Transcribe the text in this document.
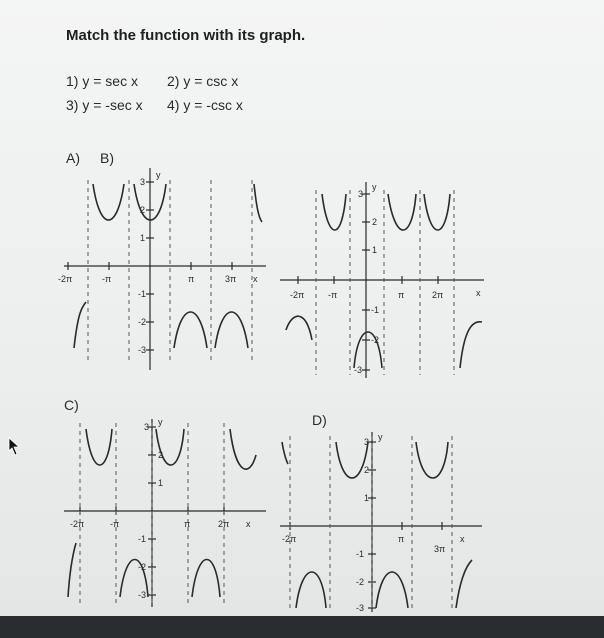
Match the function with its graph.
1) y = sec x 2) y = csc x
3) y = -sec x 4) y = -csc x
A) B)
C)
D)
-2π	-π	π	3π x
3
y
2
1
-1
-2
-3
-2π	-π	π	2π	x
3
y
2
1
-1
-2
-3
-2π	-π	π	2π x
3 y
2
1
-1
-2
-3
-2π	π
3π
x
3 y
2
1
-1
-2
-3
